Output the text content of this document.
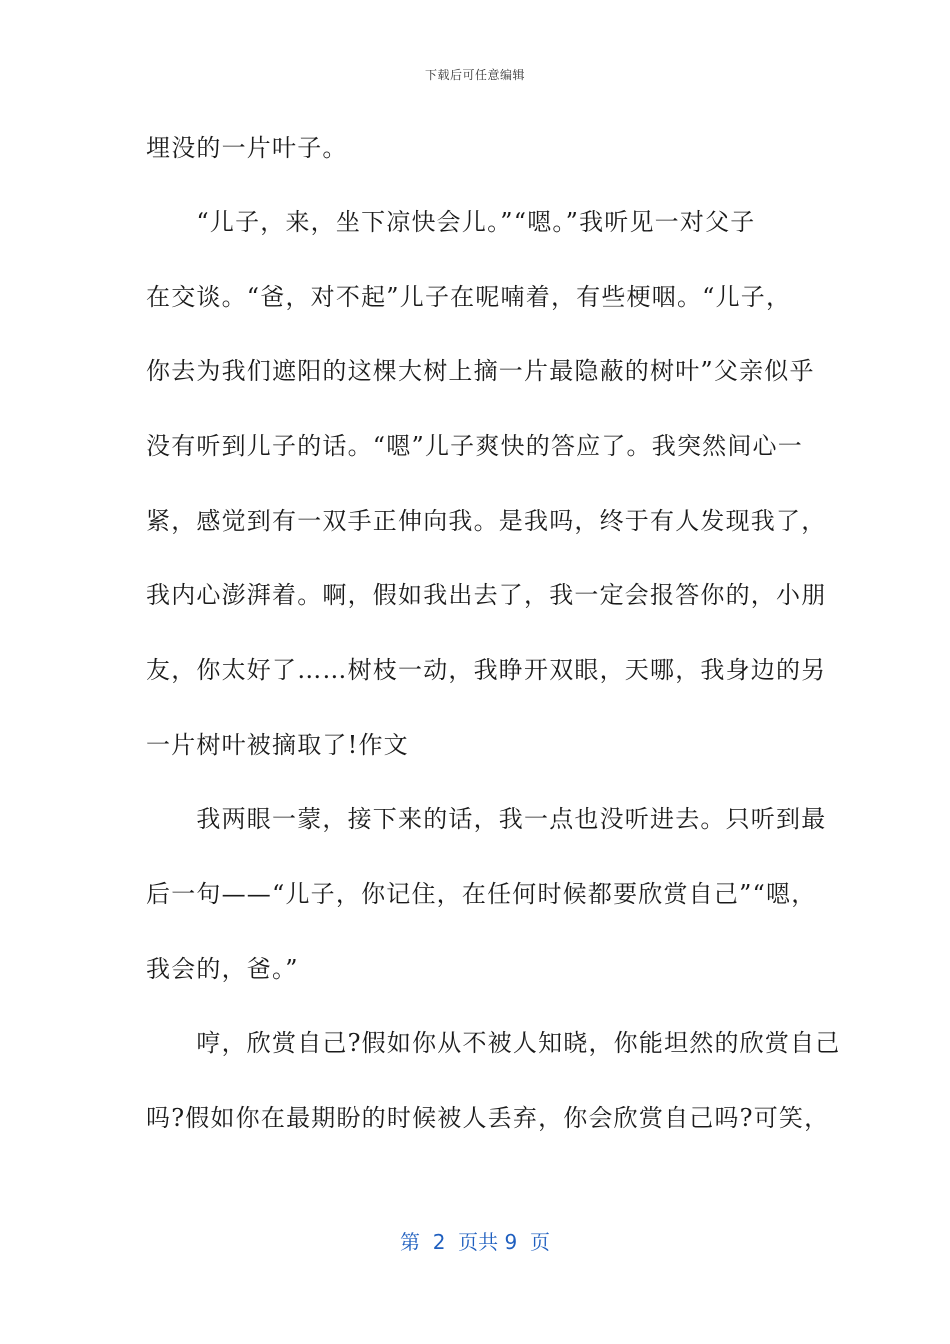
下载后可任意编辑
埋没的一片叶子。
　　“儿子，来，坐下凉快会儿。”“嗯。”我听见一对父子
在交谈。“爸，对不起”儿子在呢喃着，有些梗咽。“儿子，
你去为我们遮阳的这棵大树上摘一片最隐蔽的树叶”父亲似乎
没有听到儿子的话。“嗯”儿子爽快的答应了。我突然间心一
紧，感觉到有一双手正伸向我。是我吗，终于有人发现我了，
我内心澎湃着。啊，假如我出去了，我一定会报答你的，小朋
友，你太好了……树枝一动，我睁开双眼，天哪，我身边的另
一片树叶被摘取了!作文
　　我两眼一蒙，接下来的话，我一点也没听进去。只听到最
后一句——“儿子，你记住，在任何时候都要欣赏自己”“嗯，
我会的，爸。”
　　哼，欣赏自己?假如你从不被人知晓，你能坦然的欣赏自己
吗?假如你在最期盼的时候被人丢弃，你会欣赏自己吗?可笑，
第  2  页共 9  页
